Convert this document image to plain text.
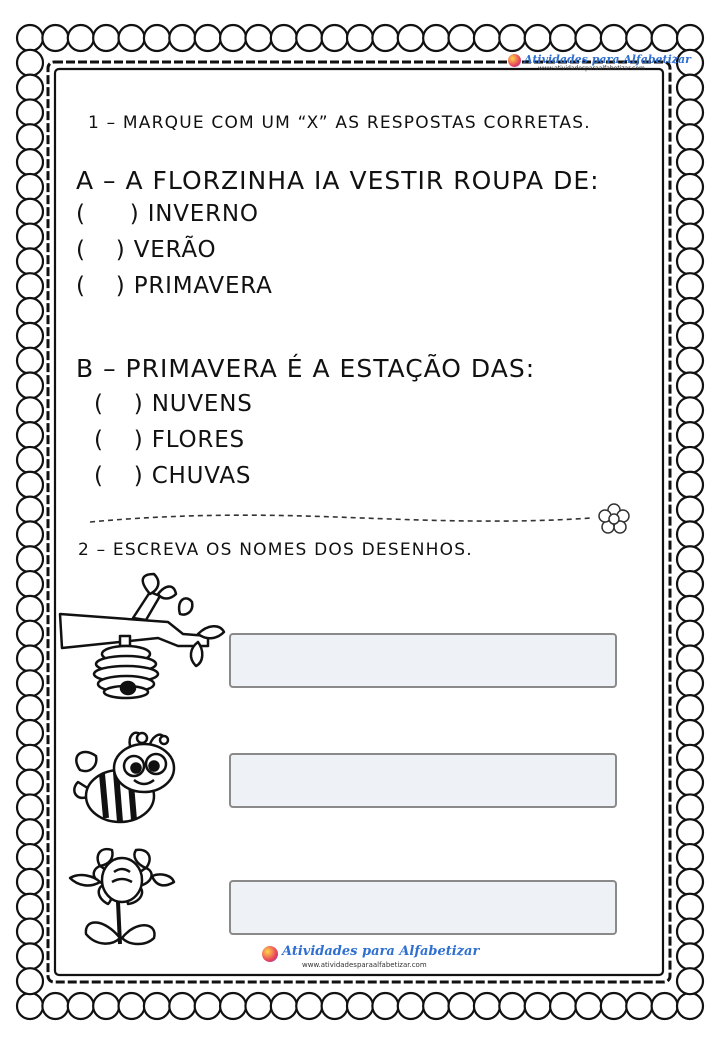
Atividades para Alfabetizar
www.atividadesparaalfabetizar.com
1 – MARQUE COM UM “X” AS RESPOSTAS CORRETAS.
A – A FLORZINHA IA VESTIR ROUPA DE:
( ) INVERNO
( ) VERÃO
( ) PRIMAVERA
B – PRIMAVERA É A ESTAÇÃO DAS:
( ) NUVENS
( ) FLORES
( ) CHUVAS
2 – ESCREVA OS NOMES DOS DESENHOS.
Atividades para Alfabetizar
www.atividadesparaalfabetizar.com
